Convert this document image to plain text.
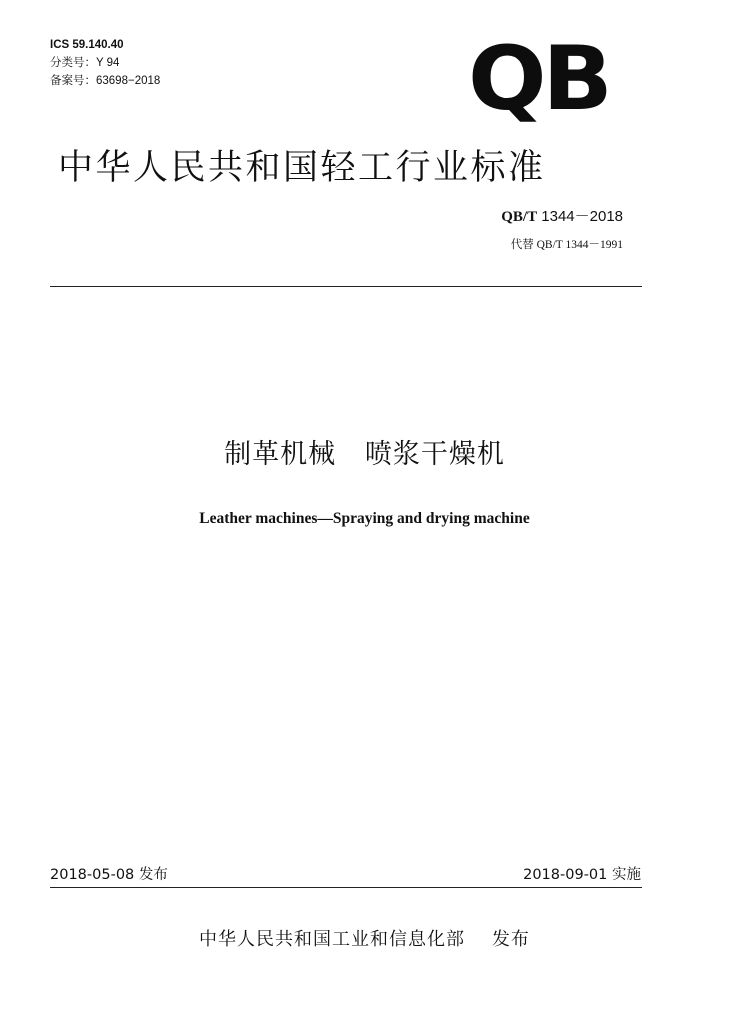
ICS 59.140.40
分类号：Y 94
备案号：63698−2018	QB
中华人民共和国轻工行业标准
QB/T 1344－2018
代替 QB/T 1344－1991
制革机械   喷浆干燥机
Leather machines—Spraying and drying machine
2018-05-08 发布	2018-09-01 实施
中华人民共和国工业和信息化部    发布
